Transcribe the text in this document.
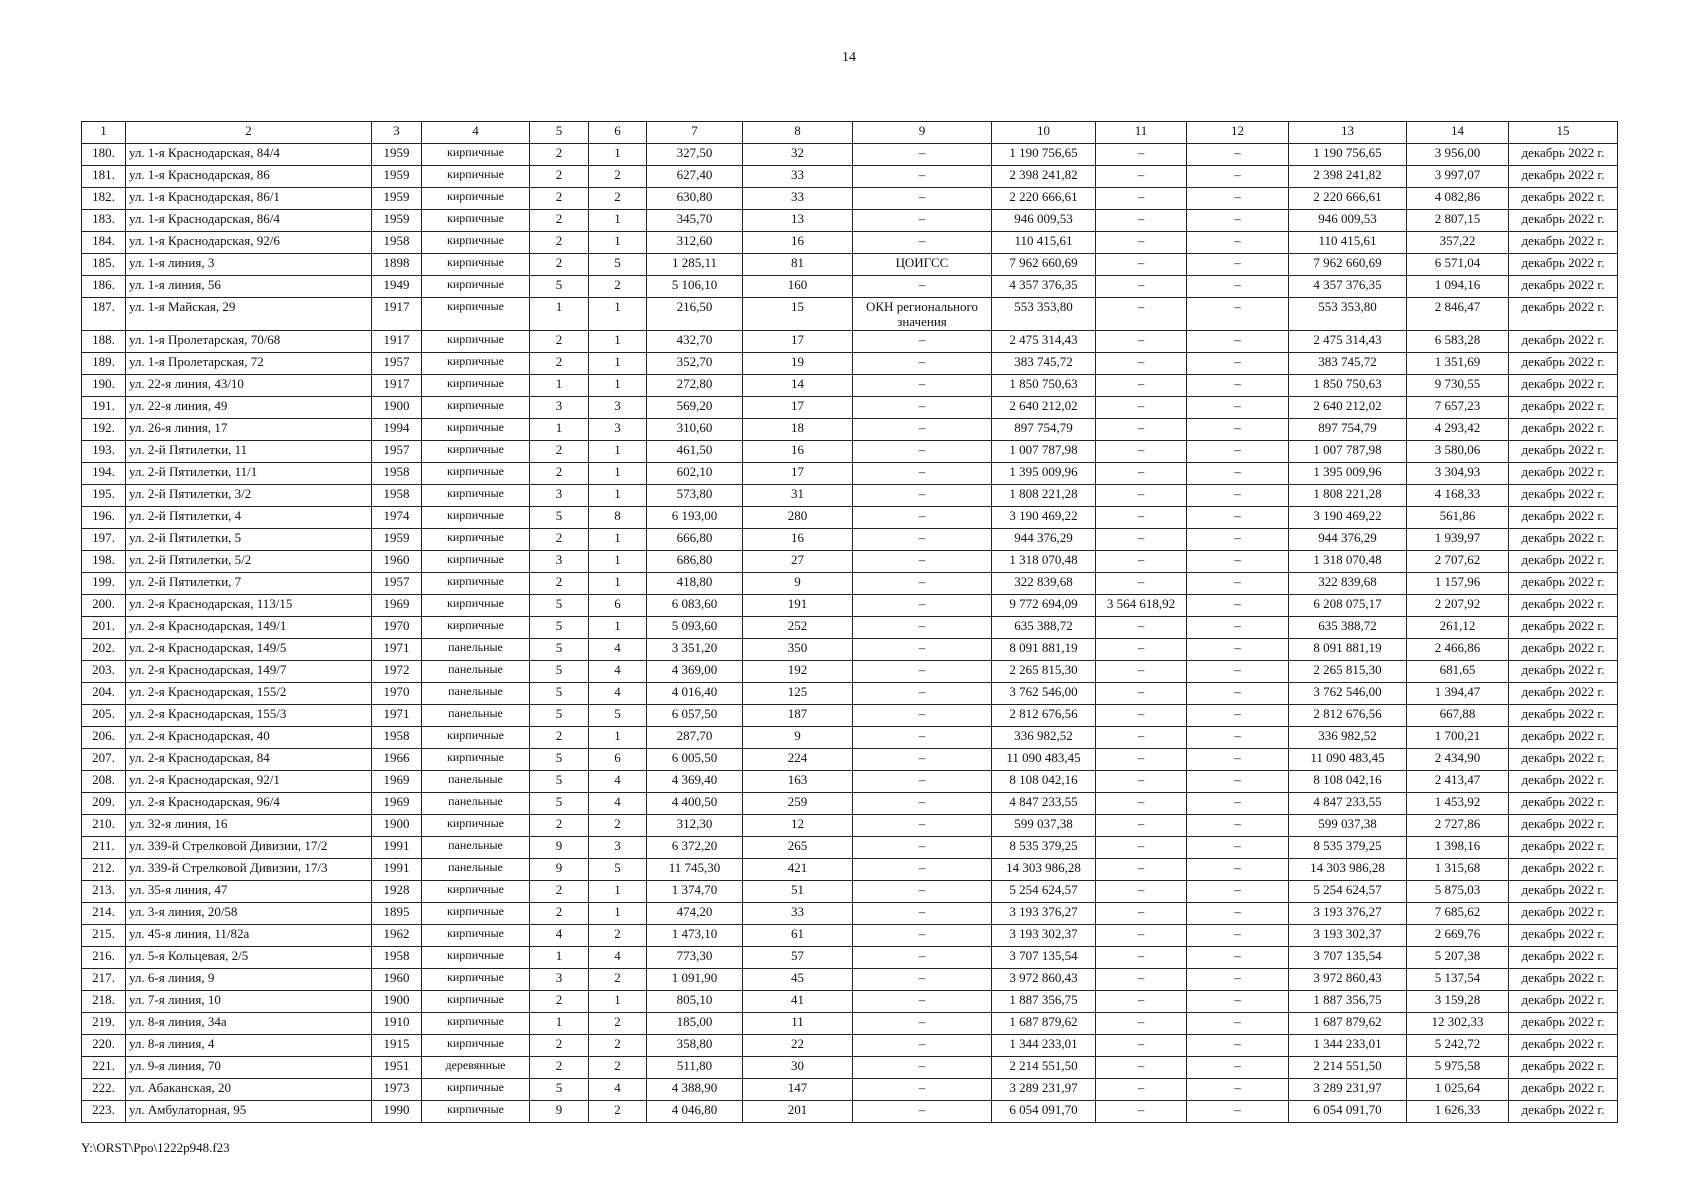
14
1	2	3	4	5	6	7	8	9	10	11	12	13	14	15
180.	ул. 1-я Краснодарская, 84/4	1959	кирпичные	2	1	327,50	32	–	1 190 756,65	–	–	1 190 756,65	3 956,00	декабрь 2022 г.
181.	ул. 1-я Краснодарская, 86	1959	кирпичные	2	2	627,40	33	–	2 398 241,82	–	–	2 398 241,82	3 997,07	декабрь 2022 г.
182.	ул. 1-я Краснодарская, 86/1	1959	кирпичные	2	2	630,80	33	–	2 220 666,61	–	–	2 220 666,61	4 082,86	декабрь 2022 г.
183.	ул. 1-я Краснодарская, 86/4	1959	кирпичные	2	1	345,70	13	–	946 009,53	–	–	946 009,53	2 807,15	декабрь 2022 г.
184.	ул. 1-я Краснодарская, 92/6	1958	кирпичные	2	1	312,60	16	–	110 415,61	–	–	110 415,61	357,22	декабрь 2022 г.
185.	ул. 1-я линия, 3	1898	кирпичные	2	5	1 285,11	81	ЦОИГСС	7 962 660,69	–	–	7 962 660,69	6 571,04	декабрь 2022 г.
186.	ул. 1-я линия, 56	1949	кирпичные	5	2	5 106,10	160	–	4 357 376,35	–	–	4 357 376,35	1 094,16	декабрь 2022 г.
187.	ул. 1-я Майская, 29	1917	кирпичные	1	1	216,50	15	ОКН регионального значения	553 353,80	–	–	553 353,80	2 846,47	декабрь 2022 г.
188.	ул. 1-я Пролетарская, 70/68	1917	кирпичные	2	1	432,70	17	–	2 475 314,43	–	–	2 475 314,43	6 583,28	декабрь 2022 г.
189.	ул. 1-я Пролетарская, 72	1957	кирпичные	2	1	352,70	19	–	383 745,72	–	–	383 745,72	1 351,69	декабрь 2022 г.
190.	ул. 22-я линия, 43/10	1917	кирпичные	1	1	272,80	14	–	1 850 750,63	–	–	1 850 750,63	9 730,55	декабрь 2022 г.
191.	ул. 22-я линия, 49	1900	кирпичные	3	3	569,20	17	–	2 640 212,02	–	–	2 640 212,02	7 657,23	декабрь 2022 г.
192.	ул. 26-я линия, 17	1994	кирпичные	1	3	310,60	18	–	897 754,79	–	–	897 754,79	4 293,42	декабрь 2022 г.
193.	ул. 2-й Пятилетки, 11	1957	кирпичные	2	1	461,50	16	–	1 007 787,98	–	–	1 007 787,98	3 580,06	декабрь 2022 г.
194.	ул. 2-й Пятилетки, 11/1	1958	кирпичные	2	1	602,10	17	–	1 395 009,96	–	–	1 395 009,96	3 304,93	декабрь 2022 г.
195.	ул. 2-й Пятилетки, 3/2	1958	кирпичные	3	1	573,80	31	–	1 808 221,28	–	–	1 808 221,28	4 168,33	декабрь 2022 г.
196.	ул. 2-й Пятилетки, 4	1974	кирпичные	5	8	6 193,00	280	–	3 190 469,22	–	–	3 190 469,22	561,86	декабрь 2022 г.
197.	ул. 2-й Пятилетки, 5	1959	кирпичные	2	1	666,80	16	–	944 376,29	–	–	944 376,29	1 939,97	декабрь 2022 г.
198.	ул. 2-й Пятилетки, 5/2	1960	кирпичные	3	1	686,80	27	–	1 318 070,48	–	–	1 318 070,48	2 707,62	декабрь 2022 г.
199.	ул. 2-й Пятилетки, 7	1957	кирпичные	2	1	418,80	9	–	322 839,68	–	–	322 839,68	1 157,96	декабрь 2022 г.
200.	ул. 2-я Краснодарская, 113/15	1969	кирпичные	5	6	6 083,60	191	–	9 772 694,09	3 564 618,92	–	6 208 075,17	2 207,92	декабрь 2022 г.
201.	ул. 2-я Краснодарская, 149/1	1970	кирпичные	5	1	5 093,60	252	–	635 388,72	–	–	635 388,72	261,12	декабрь 2022 г.
202.	ул. 2-я Краснодарская, 149/5	1971	панельные	5	4	3 351,20	350	–	8 091 881,19	–	–	8 091 881,19	2 466,86	декабрь 2022 г.
203.	ул. 2-я Краснодарская, 149/7	1972	панельные	5	4	4 369,00	192	–	2 265 815,30	–	–	2 265 815,30	681,65	декабрь 2022 г.
204.	ул. 2-я Краснодарская, 155/2	1970	панельные	5	4	4 016,40	125	–	3 762 546,00	–	–	3 762 546,00	1 394,47	декабрь 2022 г.
205.	ул. 2-я Краснодарская, 155/3	1971	панельные	5	5	6 057,50	187	–	2 812 676,56	–	–	2 812 676,56	667,88	декабрь 2022 г.
206.	ул. 2-я Краснодарская, 40	1958	кирпичные	2	1	287,70	9	–	336 982,52	–	–	336 982,52	1 700,21	декабрь 2022 г.
207.	ул. 2-я Краснодарская, 84	1966	кирпичные	5	6	6 005,50	224	–	11 090 483,45	–	–	11 090 483,45	2 434,90	декабрь 2022 г.
208.	ул. 2-я Краснодарская, 92/1	1969	панельные	5	4	4 369,40	163	–	8 108 042,16	–	–	8 108 042,16	2 413,47	декабрь 2022 г.
209.	ул. 2-я Краснодарская, 96/4	1969	панельные	5	4	4 400,50	259	–	4 847 233,55	–	–	4 847 233,55	1 453,92	декабрь 2022 г.
210.	ул. 32-я линия, 16	1900	кирпичные	2	2	312,30	12	–	599 037,38	–	–	599 037,38	2 727,86	декабрь 2022 г.
211.	ул. 339-й Стрелковой Дивизии, 17/2	1991	панельные	9	3	6 372,20	265	–	8 535 379,25	–	–	8 535 379,25	1 398,16	декабрь 2022 г.
212.	ул. 339-й Стрелковой Дивизии, 17/3	1991	панельные	9	5	11 745,30	421	–	14 303 986,28	–	–	14 303 986,28	1 315,68	декабрь 2022 г.
213.	ул. 35-я линия, 47	1928	кирпичные	2	1	1 374,70	51	–	5 254 624,57	–	–	5 254 624,57	5 875,03	декабрь 2022 г.
214.	ул. 3-я линия, 20/58	1895	кирпичные	2	1	474,20	33	–	3 193 376,27	–	–	3 193 376,27	7 685,62	декабрь 2022 г.
215.	ул. 45-я линия, 11/82а	1962	кирпичные	4	2	1 473,10	61	–	3 193 302,37	–	–	3 193 302,37	2 669,76	декабрь 2022 г.
216.	ул. 5-я Кольцевая, 2/5	1958	кирпичные	1	4	773,30	57	–	3 707 135,54	–	–	3 707 135,54	5 207,38	декабрь 2022 г.
217.	ул. 6-я линия, 9	1960	кирпичные	3	2	1 091,90	45	–	3 972 860,43	–	–	3 972 860,43	5 137,54	декабрь 2022 г.
218.	ул. 7-я линия, 10	1900	кирпичные	2	1	805,10	41	–	1 887 356,75	–	–	1 887 356,75	3 159,28	декабрь 2022 г.
219.	ул. 8-я линия, 34а	1910	кирпичные	1	2	185,00	11	–	1 687 879,62	–	–	1 687 879,62	12 302,33	декабрь 2022 г.
220.	ул. 8-я линия, 4	1915	кирпичные	2	2	358,80	22	–	1 344 233,01	–	–	1 344 233,01	5 242,72	декабрь 2022 г.
221.	ул. 9-я линия, 70	1951	деревянные	2	2	511,80	30	–	2 214 551,50	–	–	2 214 551,50	5 975,58	декабрь 2022 г.
222.	ул. Абаканская, 20	1973	кирпичные	5	4	4 388,90	147	–	3 289 231,97	–	–	3 289 231,97	1 025,64	декабрь 2022 г.
223.	ул. Амбулаторная, 95	1990	кирпичные	9	2	4 046,80	201	–	6 054 091,70	–	–	6 054 091,70	1 626,33	декабрь 2022 г.
Y:\ORST\Ppo\1222p948.f23
